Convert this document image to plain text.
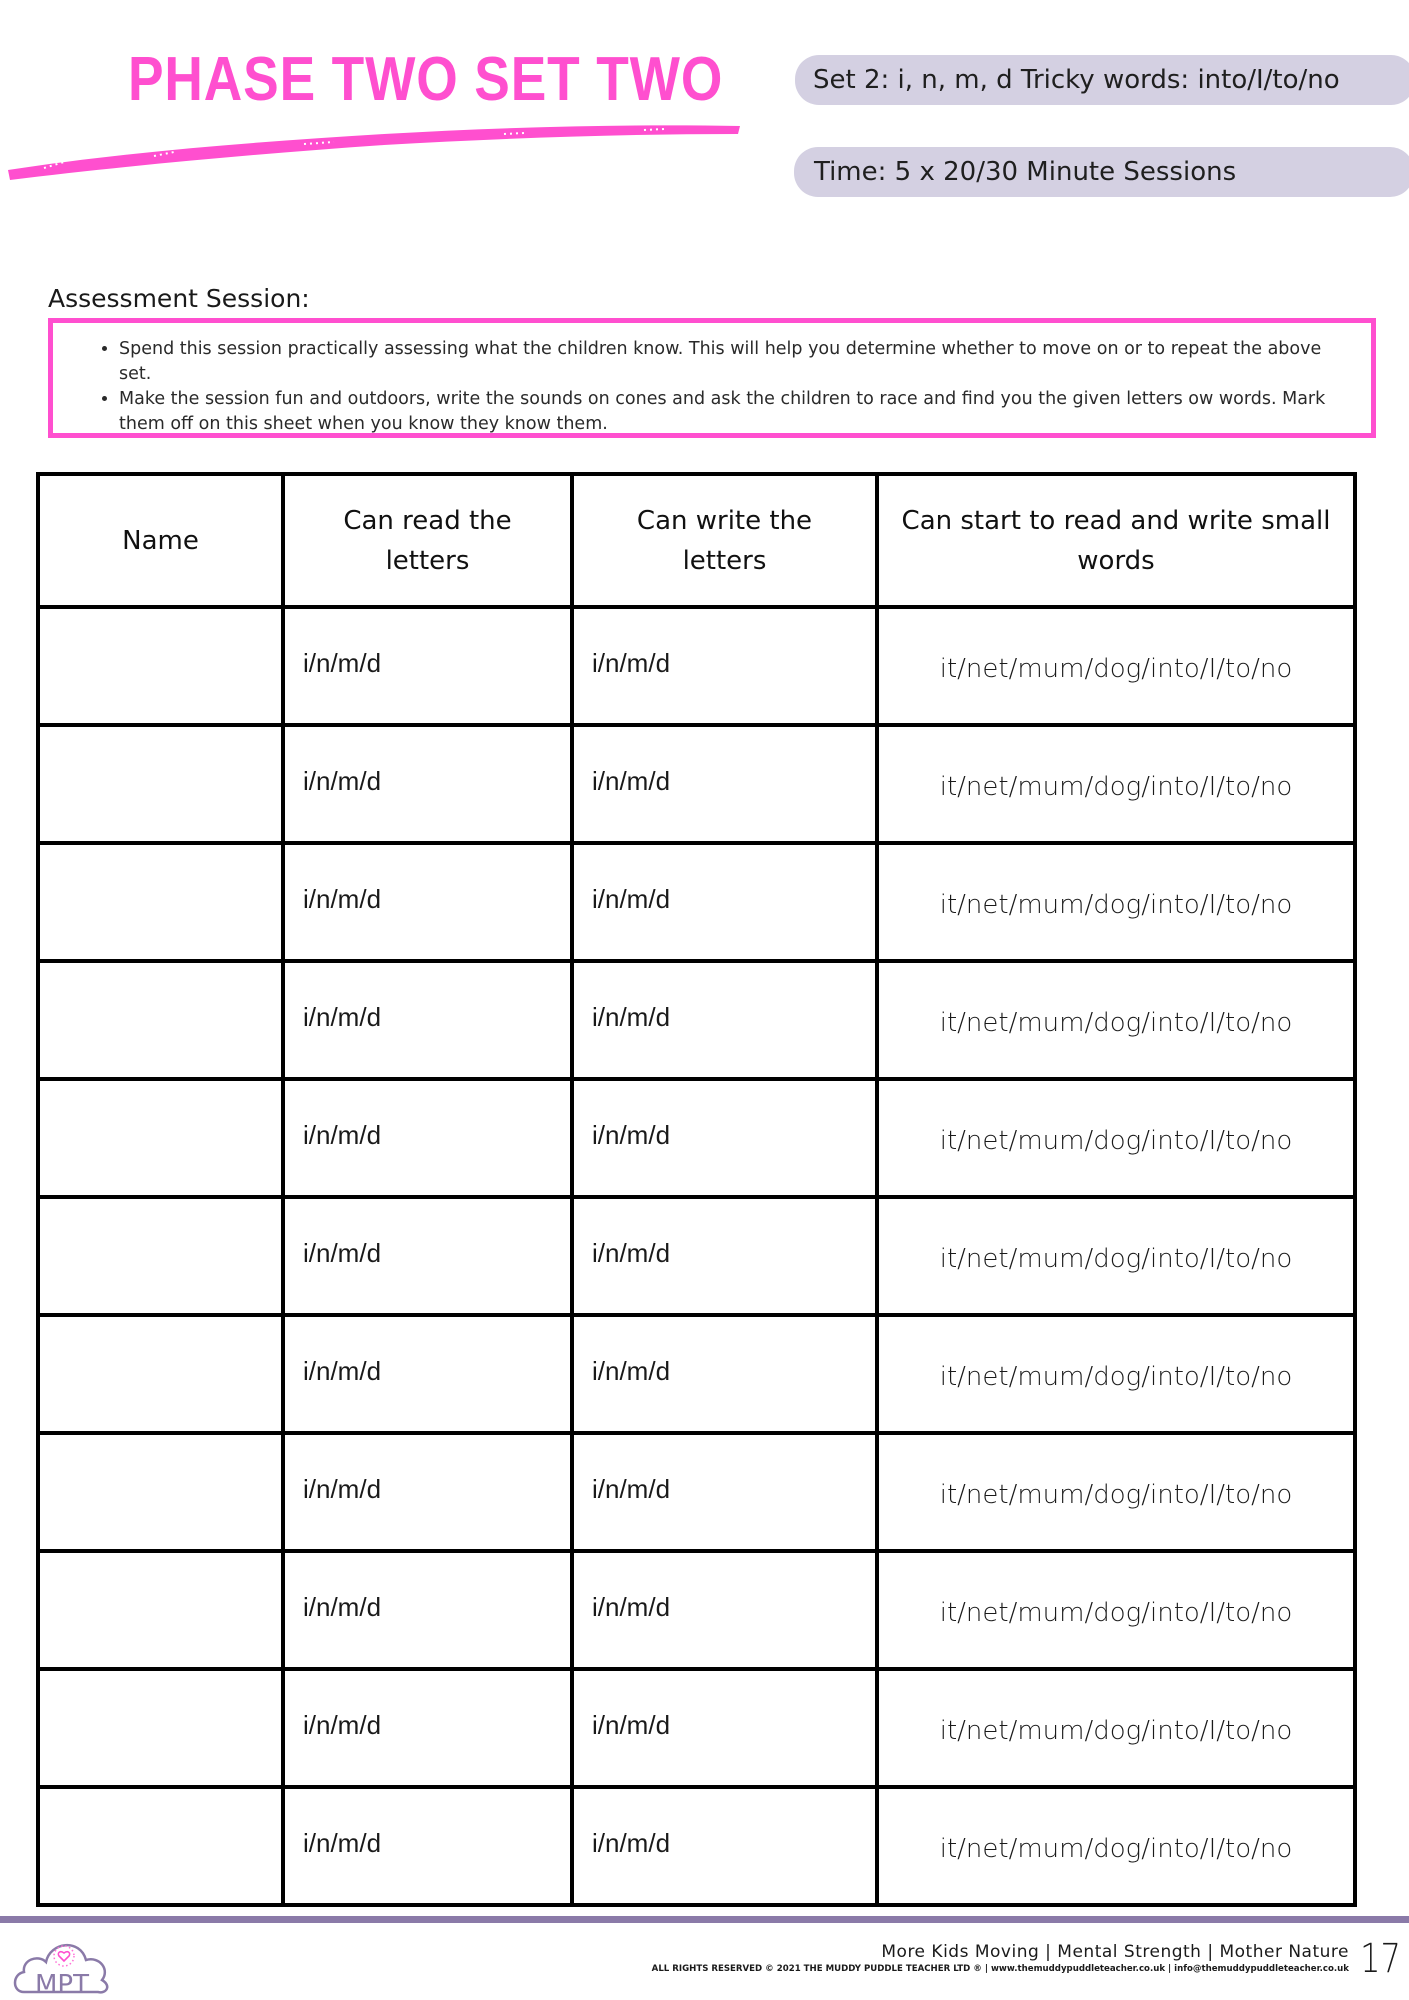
PHASE TWO SET TWO	Set 2: i, n, m, d Tricky words: into/I/to/no
Time: 5 x 20/30 Minute Sessions
Assessment Session:
• Spend this session practically assessing what the children know. This will help you determine whether to move on or to repeat the above set.
• Make the session fun and outdoors, write the sounds on cones and ask the children to race and find you the given letters ow words. Mark them off on this sheet when you know they know them.
Name	Can read the letters	Can write the letters	Can start to read and write small words
	i/n/m/d	i/n/m/d	it/net/mum/dog/into/I/to/no
	i/n/m/d	i/n/m/d	it/net/mum/dog/into/I/to/no
	i/n/m/d	i/n/m/d	it/net/mum/dog/into/I/to/no
	i/n/m/d	i/n/m/d	it/net/mum/dog/into/I/to/no
	i/n/m/d	i/n/m/d	it/net/mum/dog/into/I/to/no
	i/n/m/d	i/n/m/d	it/net/mum/dog/into/I/to/no
	i/n/m/d	i/n/m/d	it/net/mum/dog/into/I/to/no
	i/n/m/d	i/n/m/d	it/net/mum/dog/into/I/to/no
	i/n/m/d	i/n/m/d	it/net/mum/dog/into/I/to/no
	i/n/m/d	i/n/m/d	it/net/mum/dog/into/I/to/no
	i/n/m/d	i/n/m/d	it/net/mum/dog/into/I/to/no
MPT
More Kids Moving | Mental Strength | Mother Nature
ALL RIGHTS RESERVED © 2021 THE MUDDY PUDDLE TEACHER LTD ® | www.themuddypuddleteacher.co.uk | info@themuddypuddleteacher.co.uk 17
